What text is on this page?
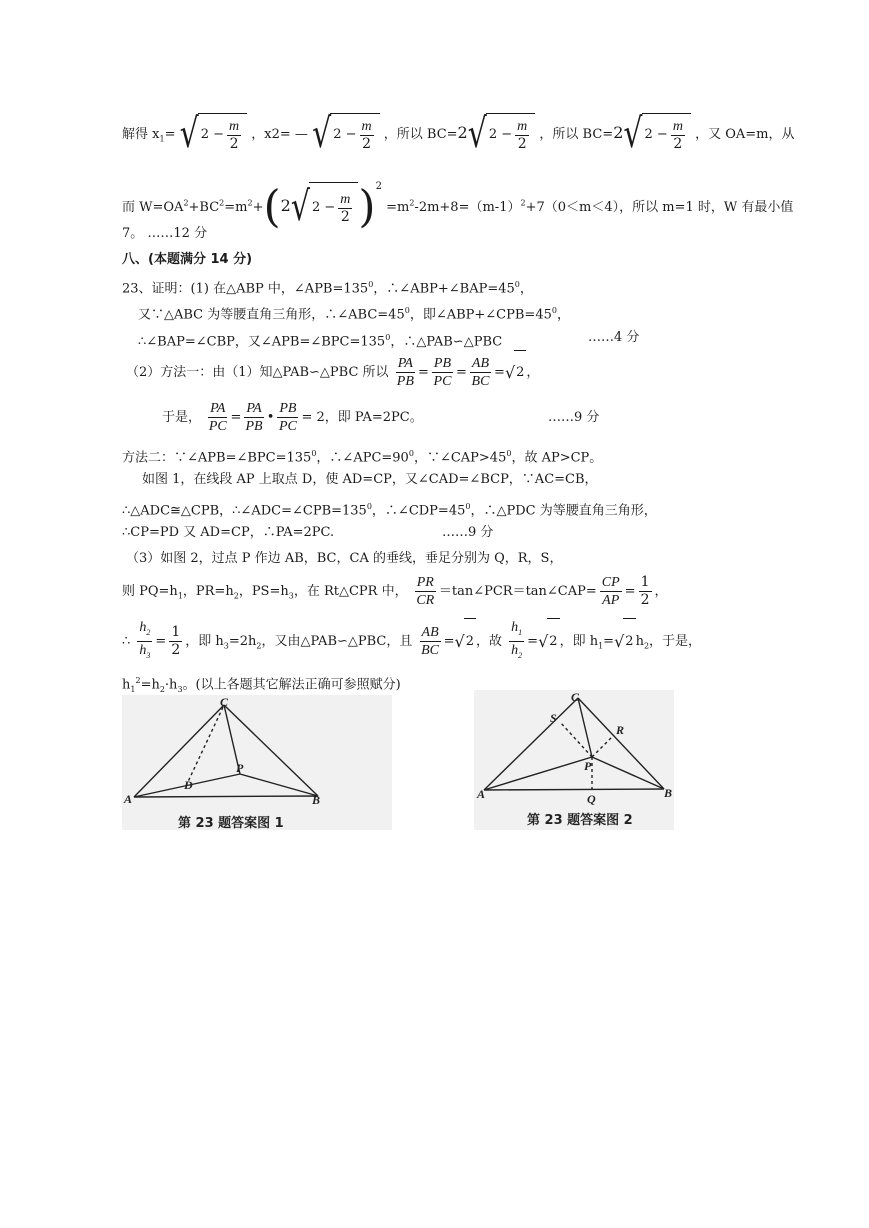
解得 $x_1=$ √ $2 - \frac{m}{2}$ ，x2= — √ $2 - \frac{m}{2}$ ，所以 BC=2 √ $2 - \frac{m}{2}$ ，所以 BC=2 √ $2 - \frac{m}{2}$ ，又 OA=m，从
而 $W=OA^2+BC^2=m^2+(2$ √ $2 - \frac{m}{2} )^2 =m^2-2m+8=(m-1)^2+7(0<m<4)$，所以 m=1 时，W 有最小值
7。 ……12 分
八、(本题满分 14 分)
23、证明：(1) 在△ABP 中，$\angle APB=135^0$，$\therefore\angle ABP+\angle BAP=45^0$，
又∵△ABC 为等腰直角三角形，$\therefore\angle ABC=45^0$，即$\angle ABP+\angle CPB=45^0$，
∴∠BAP=∠CBP，又$\angle APB=\angle BPC=135^0$，∴△PAB∽△PBC	……4 分
（2）方法一：由（1）知△PAB∽△PBC 所以 $\frac{PA}{PB} = \frac{PB}{PC} = \frac{AB}{BC}$ = √ 2 ，
于是， $\frac{PA}{PC} = \frac{PA}{PB}$ • $\frac{PB}{PC} = 2$，即 PA=2PC。	……9 分
方法二：$\because\angle APB=\angle BPC=135^0$，$\therefore\angle APC=90^0$，$\because\angle CAP>45^0$，故 AP>CP。
如图 1，在线段 AP 上取点 D，使 AD=CP，又∠CAD=∠BCP，∵AC=CB，
∴△ADC≅△CPB，$\therefore\angle ADC=\angle CPB=135^0$，$\therefore\angle CDP=45^0$，∴△PDC 为等腰直角三角形，
∴CP=PD 又 AD=CP，∴PA=2PC.	……9 分
（3）如图 2，过点 P 作边 AB，BC，CA 的垂线，垂足分别为 Q，R，S，
则 $PQ=h_1$，$PR=h_2$，$PS=h_3$，在 Rt△CPR 中， $\frac{PR}{CR}$ ＝tan∠PCR＝tan∠CAP= $\frac{CP}{AP} = \frac{1}{2}$ ，
∴ $\frac{h_2}{h_3} = \frac{1}{2}$ ，即 $h_3=2h_2$，又由△PAB∽△PBC，且 $\frac{AB}{BC}$ = √ 2 ，故 $\frac{h_1}{h_2}$ = √ 2 ，即 $h_1=$ √ 2 $h_2$，于是，
$h_1^2=h_2\cdot h_3$。(以上各题其它解法正确可参照赋分)
A	B
C
P
D
第 23 题答案图 1
A	B
C
P
Q
R
S
第 23 题答案图 2
